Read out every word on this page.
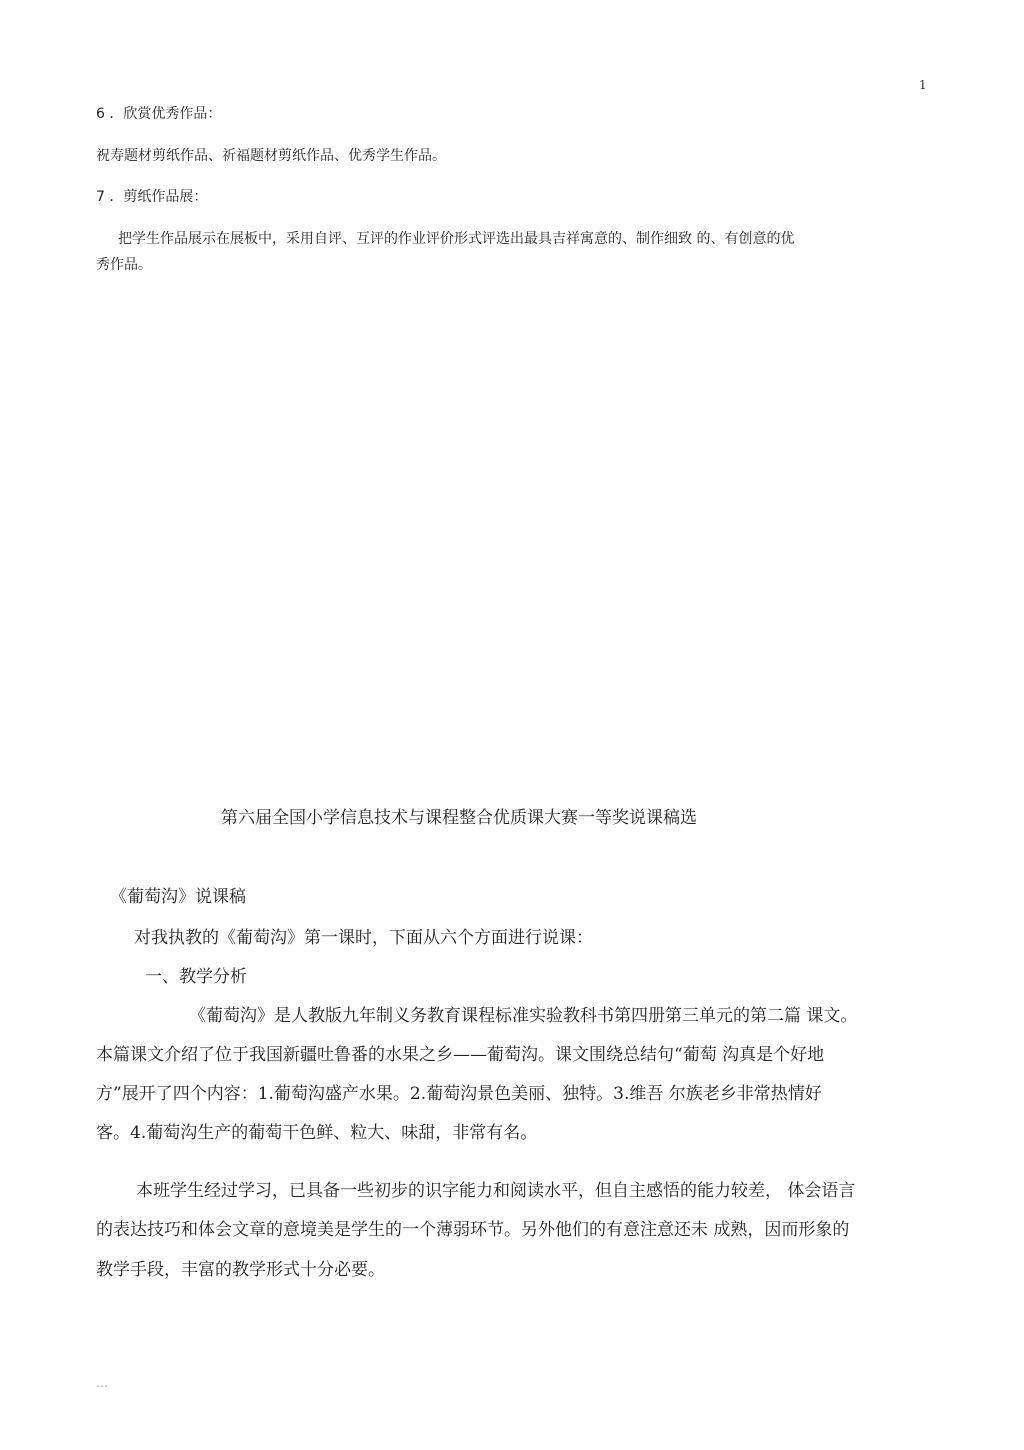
1
6 ．欣赏优秀作品：
祝寿题材剪纸作品、祈福题材剪纸作品、优秀学生作品。
7 ．剪纸作品展：
把学生作品展示在展板中，采用自评、互评的作业评价形式评选出最具吉祥寓意的、制作细致 的、有创意的优
秀作品。
第六届全国小学信息技术与课程整合优质课大赛一等奖说课稿选
《葡萄沟》说课稿
对我执教的《葡萄沟》第一课时，下面从六个方面进行说课：
一、教学分析
《葡萄沟》是人教版九年制义务教育课程标准实验教科书第四册第三单元的第二篇 课文。
本篇课文介绍了位于我国新疆吐鲁番的水果之乡——葡萄沟。课文围绕总结句“葡萄 沟真是个好地
方”展开了四个内容：1.葡萄沟盛产水果。2.葡萄沟景色美丽、独特。3.维吾 尔族老乡非常热情好
客。4.葡萄沟生产的葡萄干色鲜、粒大、味甜，非常有名。
本班学生经过学习，已具备一些初步的识字能力和阅读水平，但自主感悟的能力较差， 体会语言
的表达技巧和体会文章的意境美是学生的一个薄弱环节。另外他们的有意注意还未 成熟，因而形象的
教学手段，丰富的教学形式十分必要。
…
